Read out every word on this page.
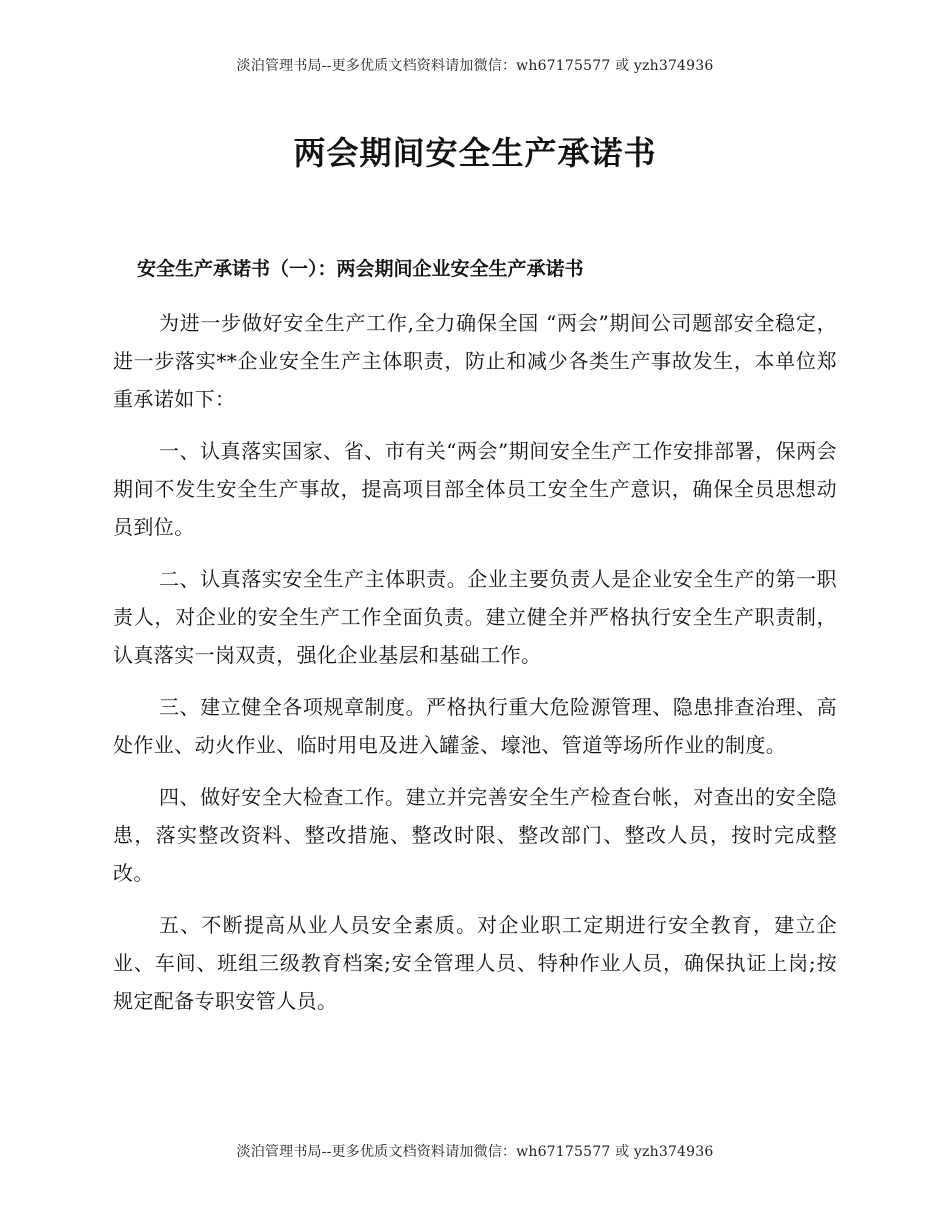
淡泊管理书局--更多优质文档资料请加微信：wh67175577 或 yzh374936
两会期间安全生产承诺书
安全生产承诺书（一）：两会期间企业安全生产承诺书

为进一步做好安全生产工作,全力确保全国 “两会”期间公司题部安全稳定，进一步落实**企业安全生产主体职责，防止和减少各类生产事故发生，本单位郑重承诺如下：

一、认真落实国家、省、市有关“两会”期间安全生产工作安排部署，保两会期间不发生安全生产事故，提高项目部全体员工安全生产意识，确保全员思想动员到位。

二、认真落实安全生产主体职责。企业主要负责人是企业安全生产的第一职责人，对企业的安全生产工作全面负责。建立健全并严格执行安全生产职责制，认真落实一岗双责，强化企业基层和基础工作。

三、建立健全各项规章制度。严格执行重大危险源管理、隐患排查治理、高处作业、动火作业、临时用电及进入罐釜、壕池、管道等场所作业的制度。

四、做好安全大检查工作。建立并完善安全生产检查台帐，对查出的安全隐患，落实整改资料、整改措施、整改时限、整改部门、整改人员，按时完成整改。

五、不断提高从业人员安全素质。对企业职工定期进行安全教育，建立企业、车间、班组三级教育档案;安全管理人员、特种作业人员，确保执证上岗;按规定配备专职安管人员。

淡泊管理书局--更多优质文档资料请加微信：wh67175577 或 yzh374936
